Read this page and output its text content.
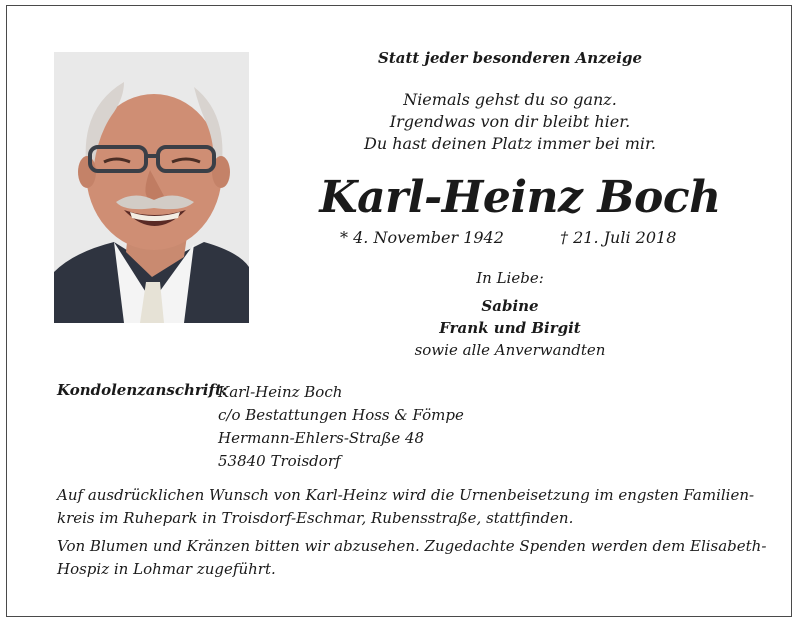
Statt jeder besonderen Anzeige
Niemals gehst du so ganz.
Irgendwas von dir bleibt hier.
Du hast deinen Platz immer bei mir.
Karl-Heinz Boch
* 4. November 1942	† 21. Juli 2018
In Liebe:
Sabine
Frank und Birgit
sowie alle Anverwandten
Kondolenzanschrift:
Karl-Heinz Boch
c/o Bestattungen Hoss & Fömpe
Hermann-Ehlers-Straße 48
53840 Troisdorf
Auf ausdrücklichen Wunsch von Karl-Heinz wird die Urnenbeisetzung im engsten Familien-
kreis im Ruhepark in Troisdorf-Eschmar, Rubensstraße, stattfinden.
Von Blumen und Kränzen bitten wir abzusehen. Zugedachte Spenden werden dem Elisabeth-
Hospiz in Lohmar zugeführt.
